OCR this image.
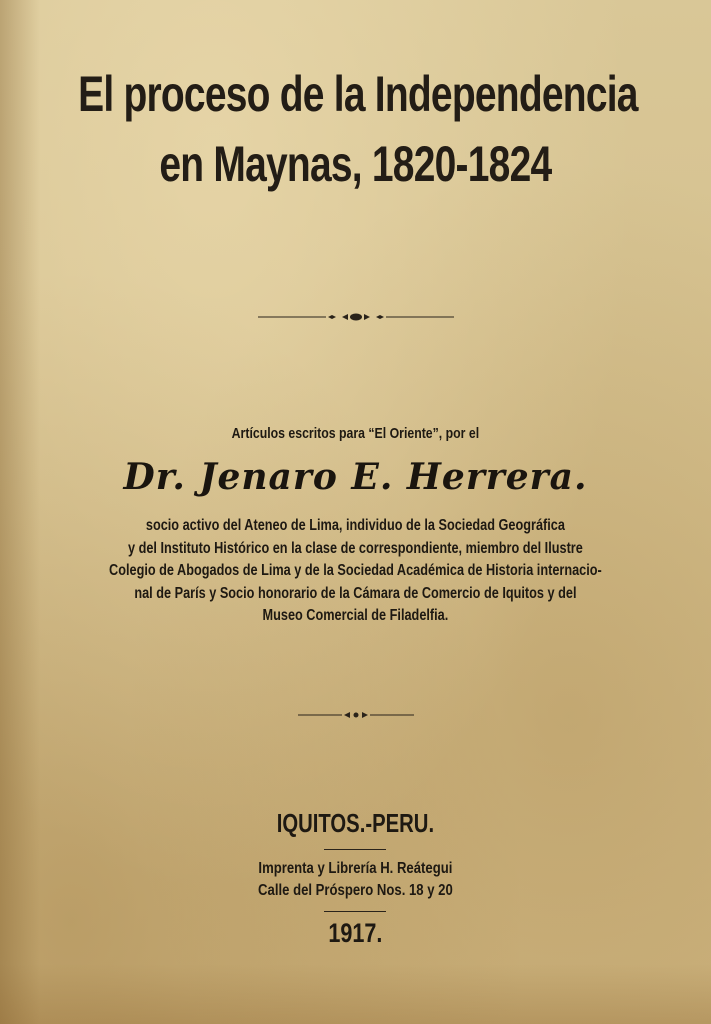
El proceso de la Independencia
en Maynas, 1820-1824
Artículos escritos para “El Oriente”, por el
Dr. Jenaro E. Herrera.
socio activo del Ateneo de Lima, individuo de la Sociedad Geográfica
y del Instituto Histórico en la clase de correspondiente, miembro del Ilustre
Colegio de Abogados de Lima y de la Sociedad Académica de Historia internacio-
nal de París y Socio honorario de la Cámara de Comercio de Iquitos y del
Museo Comercial de Filadelfia.
IQUITOS.-PERU.
Imprenta y Librería H. Reátegui
Calle del Próspero Nos. 18 y 20
1917.
